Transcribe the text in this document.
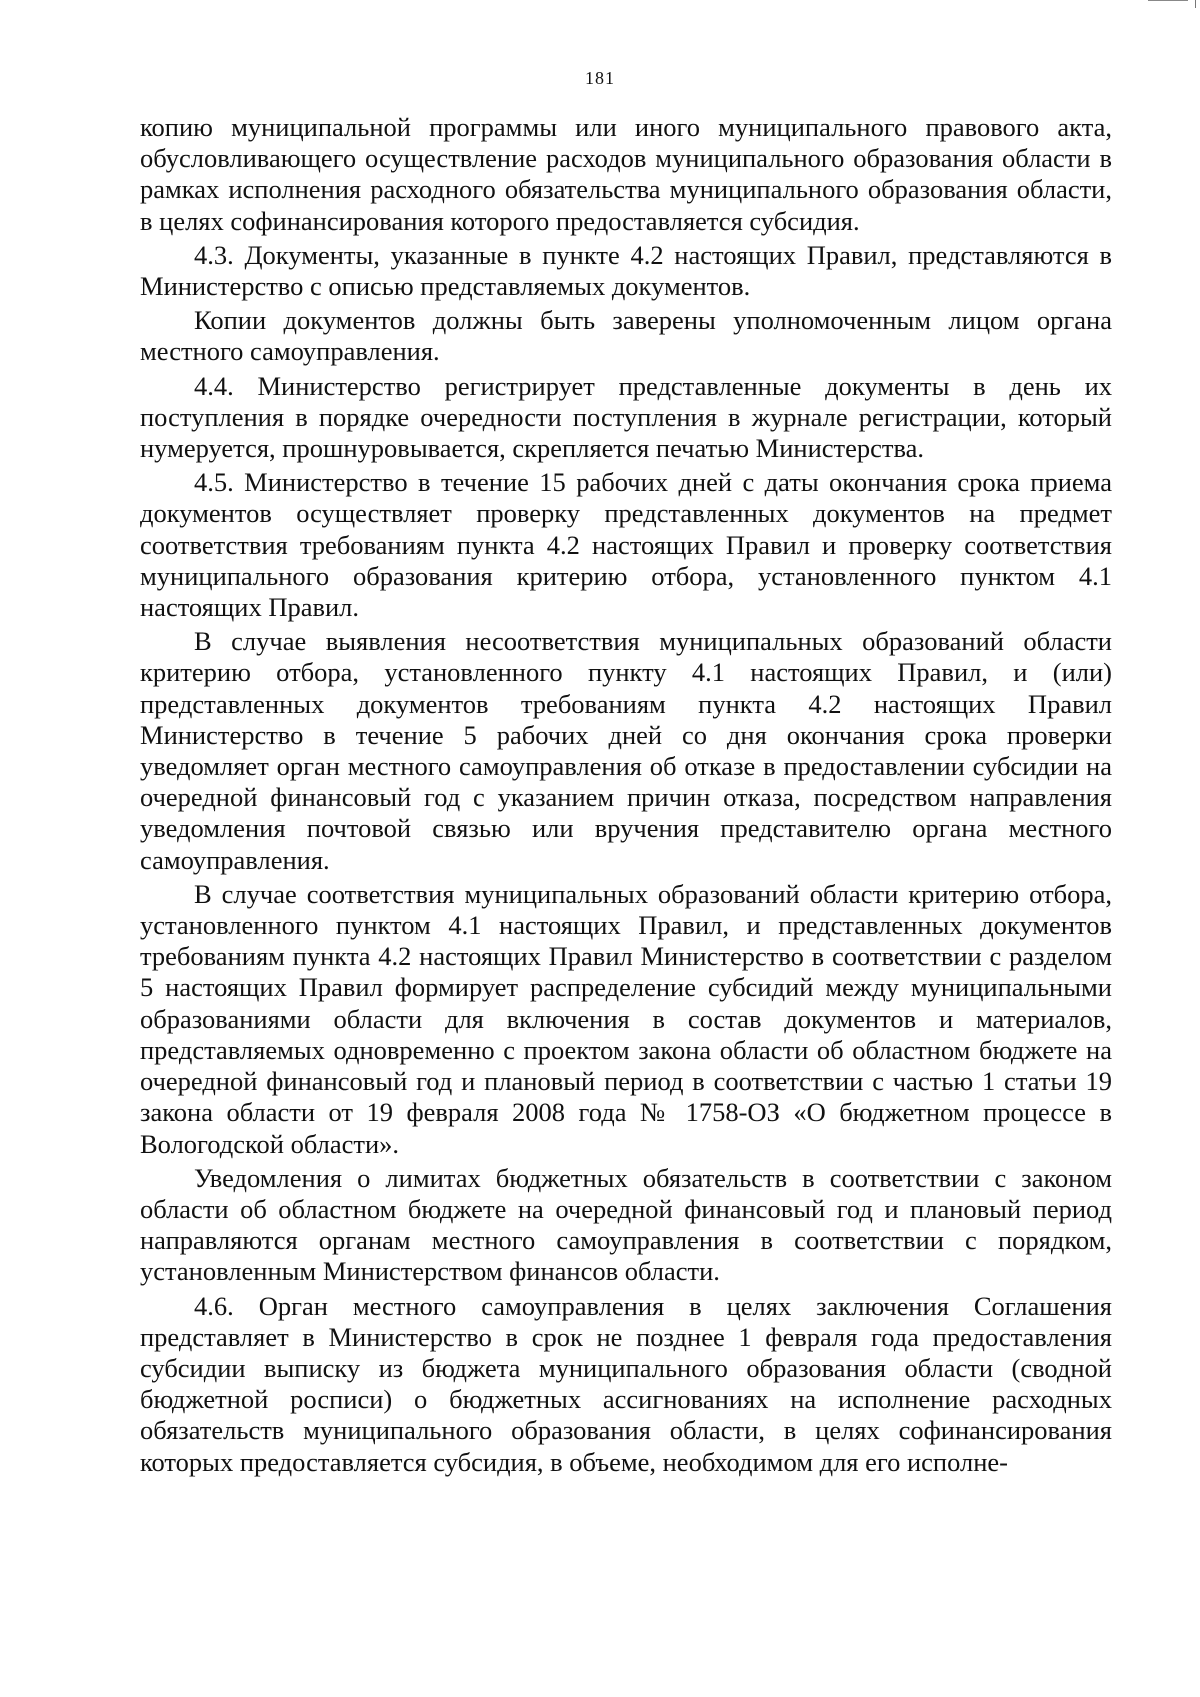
181

копию муниципальной программы или иного муниципального правового акта, обусловливающего осуществление расходов муниципального образования области в рамках исполнения расходного обязательства муниципального образования области, в целях софинансирования которого предоставляется субсидия.

4.3. Документы, указанные в пункте 4.2 настоящих Правил, представляются в Министерство с описью представляемых документов.

Копии документов должны быть заверены уполномоченным лицом органа местного самоуправления.

4.4. Министерство регистрирует представленные документы в день их поступления в порядке очередности поступления в журнале регистрации, который нумеруется, прошнуровывается, скрепляется печатью Министерства.

4.5. Министерство в течение 15 рабочих дней с даты окончания срока приема документов осуществляет проверку представленных документов на предмет соответствия требованиям пункта 4.2 настоящих Правил и проверку соответствия муниципального образования критерию отбора, установленного пунктом 4.1 настоящих Правил.

В случае выявления несоответствия муниципальных образований области критерию отбора, установленного пункту 4.1 настоящих Правил, и (или) представленных документов требованиям пункта 4.2 настоящих Правил Министерство в течение 5 рабочих дней со дня окончания срока проверки уведомляет орган местного самоуправления об отказе в предоставлении субсидии на очередной финансовый год с указанием причин отказа, посредством направления уведомления почтовой связью или вручения представителю органа местного самоуправления.

В случае соответствия муниципальных образований области критерию отбора, установленного пунктом 4.1 настоящих Правил, и представленных документов требованиям пункта 4.2 настоящих Правил Министерство в соответствии с разделом 5 настоящих Правил формирует распределение субсидий между муниципальными образованиями области для включения в состав документов и материалов, представляемых одновременно с проектом закона области об областном бюджете на очередной финансовый год и плановый период в соответствии с частью 1 статьи 19 закона области от 19 февраля 2008 года № 1758-ОЗ «О бюджетном процессе в Вологодской области».

Уведомления о лимитах бюджетных обязательств в соответствии с законом области об областном бюджете на очередной финансовый год и плановый период направляются органам местного самоуправления в соответствии с порядком, установленным Министерством финансов области.

4.6. Орган местного самоуправления в целях заключения Соглашения представляет в Министерство в срок не позднее 1 февраля года предоставления субсидии выписку из бюджета муниципального образования области (сводной бюджетной росписи) о бюджетных ассигнованиях на исполнение расходных обязательств муниципального образования области, в целях софинансирования которых предоставляется субсидия, в объеме, необходимом для его исполне-
